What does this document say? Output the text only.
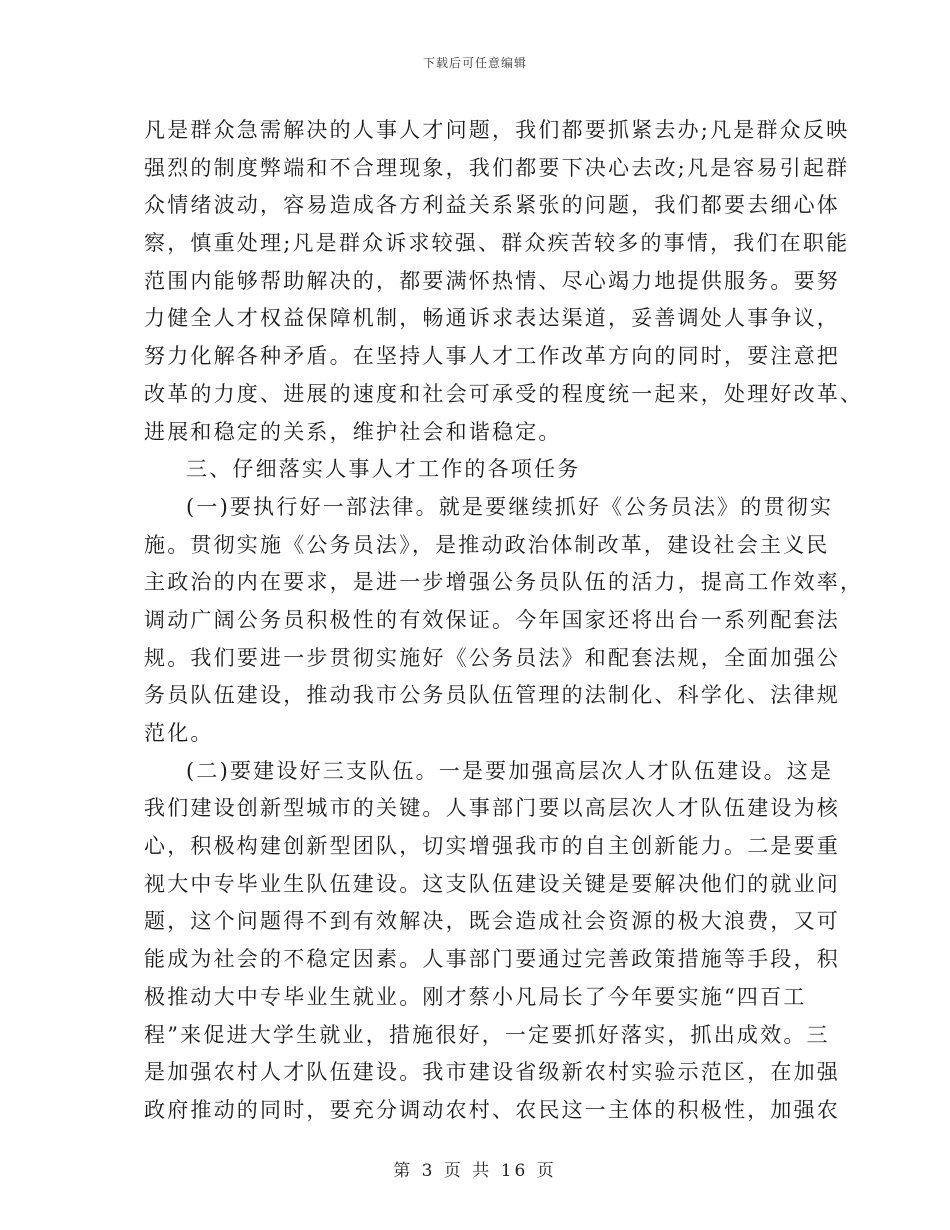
下载后可任意编辑
凡是群众急需解决的人事人才问题，我们都要抓紧去办;凡是群众反映
强烈的制度弊端和不合理现象，我们都要下决心去改;凡是容易引起群
众情绪波动，容易造成各方利益关系紧张的问题，我们都要去细心体
察，慎重处理;凡是群众诉求较强、群众疾苦较多的事情，我们在职能
范围内能够帮助解决的，都要满怀热情、尽心竭力地提供服务。要努
力健全人才权益保障机制，畅通诉求表达渠道，妥善调处人事争议，
努力化解各种矛盾。在坚持人事人才工作改革方向的同时，要注意把
改革的力度、进展的速度和社会可承受的程度统一起来，处理好改革、
进展和稳定的关系，维护社会和谐稳定。
三、仔细落实人事人才工作的各项任务
(一)要执行好一部法律。就是要继续抓好《公务员法》的贯彻实
施。贯彻实施《公务员法》，是推动政治体制改革，建设社会主义民
主政治的内在要求，是进一步增强公务员队伍的活力，提高工作效率，
调动广阔公务员积极性的有效保证。今年国家还将出台一系列配套法
规。我们要进一步贯彻实施好《公务员法》和配套法规，全面加强公
务员队伍建设，推动我市公务员队伍管理的法制化、科学化、法律规
范化。
(二)要建设好三支队伍。一是要加强高层次人才队伍建设。这是
我们建设创新型城市的关键。人事部门要以高层次人才队伍建设为核
心，积极构建创新型团队，切实增强我市的自主创新能力。二是要重
视大中专毕业生队伍建设。这支队伍建设关键是要解决他们的就业问
题，这个问题得不到有效解决，既会造成社会资源的极大浪费，又可
能成为社会的不稳定因素。人事部门要通过完善政策措施等手段，积
极推动大中专毕业生就业。刚才蔡小凡局长了今年要实施“四百工
程”来促进大学生就业，措施很好，一定要抓好落实，抓出成效。三
是加强农村人才队伍建设。我市建设省级新农村实验示范区，在加强
政府推动的同时，要充分调动农村、农民这一主体的积极性，加强农
第 3 页 共 16 页
